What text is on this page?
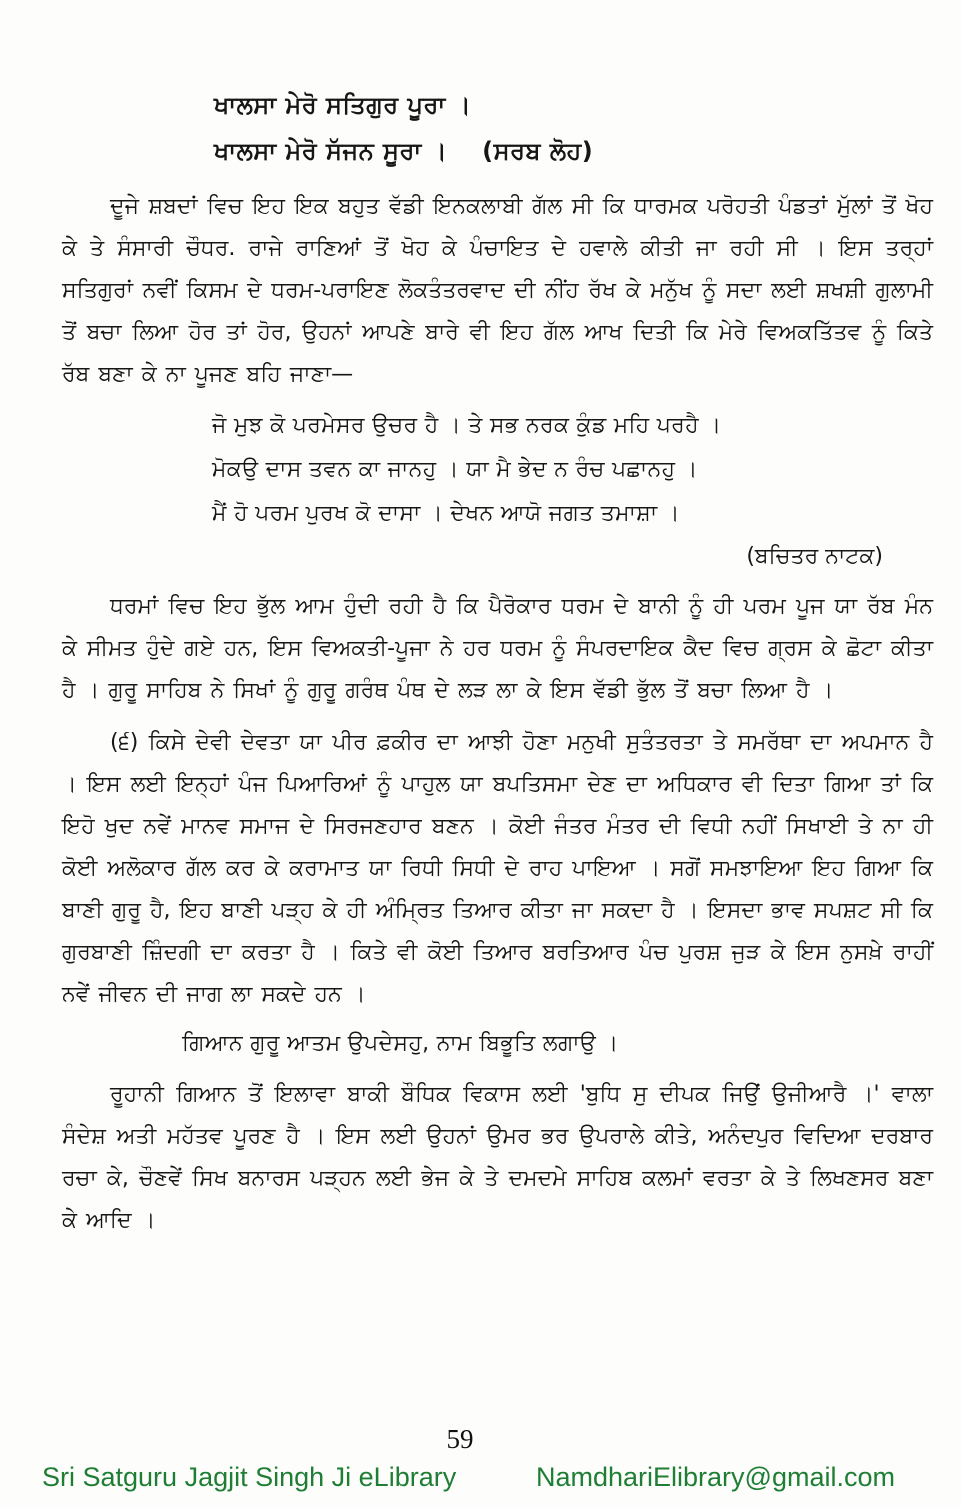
ਖਾਲਸਾ ਮੇਰੋ ਸਤਿਗੁਰ ਪੂਰਾ ।
ਖਾਲਸਾ ਮੇਰੋ ਸੱਜਨ ਸੂਰਾ । (ਸਰਬ ਲੋਹ)

ਦੂਜੇ ਸ਼ਬਦਾਂ ਵਿਚ ਇਹ ਇਕ ਬਹੁਤ ਵੱਡੀ ਇਨਕਲਾਬੀ ਗੱਲ ਸੀ ਕਿ ਧਾਰਮਕ ਪਰੋਹਤੀ ਪੰਡਤਾਂ ਮੁੱਲਾਂ ਤੋਂ ਖੋਹ ਕੇ ਤੇ ਸੰਸਾਰੀ ਚੌਧਰ. ਰਾਜੇ ਰਾਣਿਆਂ ਤੋਂ ਖੋਹ ਕੇ ਪੰਚਾਇਤ ਦੇ ਹਵਾਲੇ ਕੀਤੀ ਜਾ ਰਹੀ ਸੀ । ਇਸ ਤਰ੍ਹਾਂ ਸਤਿਗੁਰਾਂ ਨਵੀਂ ਕਿਸਮ ਦੇ ਧਰਮ-ਪਰਾਇਣ ਲੋਕਤੰਤਰਵਾਦ ਦੀ ਨੀਂਹ ਰੱਖ ਕੇ ਮਨੁੱਖ ਨੂੰ ਸਦਾ ਲਈ ਸ਼ਖਸ਼ੀ ਗੁਲਾਮੀ ਤੋਂ ਬਚਾ ਲਿਆ ਹੋਰ ਤਾਂ ਹੋਰ, ਉਹਨਾਂ ਆਪਣੇ ਬਾਰੇ ਵੀ ਇਹ ਗੱਲ ਆਖ ਦਿਤੀ ਕਿ ਮੇਰੇ ਵਿਅਕਤਿੱਤਵ ਨੂੰ ਕਿਤੇ ਰੱਬ ਬਣਾ ਕੇ ਨਾ ਪੂਜਣ ਬਹਿ ਜਾਣਾ—

ਜੋ ਮੁਝ ਕੋ ਪਰਮੇਸਰ ਉਚਰ ਹੈ । ਤੇ ਸਭ ਨਰਕ ਕੁੰਡ ਮਹਿ ਪਰਹੈ ।
ਮੋਕਉ ਦਾਸ ਤਵਨ ਕਾ ਜਾਨਹੁ । ਯਾ ਮੈ ਭੇਦ ਨ ਰੰਚ ਪਛਾਨਹੁ ।
ਮੈਂ ਹੋ ਪਰਮ ਪੁਰਖ ਕੋ ਦਾਸਾ । ਦੇਖਨ ਆਯੋ ਜਗਤ ਤਮਾਸ਼ਾ ।
(ਬਚਿਤਰ ਨਾਟਕ)

ਧਰਮਾਂ ਵਿਚ ਇਹ ਭੁੱਲ ਆਮ ਹੁੰਦੀ ਰਹੀ ਹੈ ਕਿ ਪੈਰੋਕਾਰ ਧਰਮ ਦੇ ਬਾਨੀ ਨੂੰ ਹੀ ਪਰਮ ਪੂਜ ਯਾ ਰੱਬ ਮੰਨ ਕੇ ਸੀਮਤ ਹੁੰਦੇ ਗਏ ਹਨ, ਇਸ ਵਿਅਕਤੀ-ਪੂਜਾ ਨੇ ਹਰ ਧਰਮ ਨੂੰ ਸੰਪਰਦਾਇਕ ਕੈਦ ਵਿਚ ਗ੍ਰਸ ਕੇ ਛੋਟਾ ਕੀਤਾ ਹੈ । ਗੁਰੂ ਸਾਹਿਬ ਨੇ ਸਿਖਾਂ ਨੂੰ ਗੁਰੂ ਗਰੰਥ ਪੰਥ ਦੇ ਲੜ ਲਾ ਕੇ ਇਸ ਵੱਡੀ ਭੁੱਲ ਤੋਂ ਬਚਾ ਲਿਆ ਹੈ ।

(੬) ਕਿਸੇ ਦੇਵੀ ਦੇਵਤਾ ਯਾ ਪੀਰ ਫ਼ਕੀਰ ਦਾ ਆਝੀ ਹੋਣਾ ਮਨੁਖੀ ਸੁਤੰਤਰਤਾ ਤੇ ਸਮਰੱਥਾ ਦਾ ਅਪਮਾਨ ਹੈ । ਇਸ ਲਈ ਇਨ੍ਹਾਂ ਪੰਜ ਪਿਆਰਿਆਂ ਨੂੰ ਪਾਹੁਲ ਯਾ ਬਪਤਿਸਮਾ ਦੇਣ ਦਾ ਅਧਿਕਾਰ ਵੀ ਦਿਤਾ ਗਿਆ ਤਾਂ ਕਿ ਇਹੋ ਖੁਦ ਨਵੇਂ ਮਾਨਵ ਸਮਾਜ ਦੇ ਸਿਰਜਣਹਾਰ ਬਣਨ । ਕੋਈ ਜੰਤਰ ਮੰਤਰ ਦੀ ਵਿਧੀ ਨਹੀਂ ਸਿਖਾਈ ਤੇ ਨਾ ਹੀ ਕੋਈ ਅਲੋਕਾਰ ਗੱਲ ਕਰ ਕੇ ਕਰਾਮਾਤ ਯਾ ਰਿਧੀ ਸਿਧੀ ਦੇ ਰਾਹ ਪਾਇਆ । ਸਗੋਂ ਸਮਝਾਇਆ ਇਹ ਗਿਆ ਕਿ ਬਾਣੀ ਗੁਰੂ ਹੈ, ਇਹ ਬਾਣੀ ਪੜ੍ਹ ਕੇ ਹੀ ਅੰਮ੍ਰਿਤ ਤਿਆਰ ਕੀਤਾ ਜਾ ਸਕਦਾ ਹੈ । ਇਸਦਾ ਭਾਵ ਸਪਸ਼ਟ ਸੀ ਕਿ ਗੁਰਬਾਣੀ ਜ਼ਿੰਦਗੀ ਦਾ ਕਰਤਾ ਹੈ । ਕਿਤੇ ਵੀ ਕੋਈ ਤਿਆਰ ਬਰਤਿਆਰ ਪੰਚ ਪੁਰਸ਼ ਜੁੜ ਕੇ ਇਸ ਨੁਸਖ਼ੇ ਰਾਹੀਂ ਨਵੇਂ ਜੀਵਨ ਦੀ ਜਾਗ ਲਾ ਸਕਦੇ ਹਨ ।

ਗਿਆਨ ਗੁਰੂ ਆਤਮ ਉਪਦੇਸਹੁ, ਨਾਮ ਬਿਭੂਤਿ ਲਗਾਉ ।

ਰੂਹਾਨੀ ਗਿਆਨ ਤੋਂ ਇਲਾਵਾ ਬਾਕੀ ਬੌਧਿਕ ਵਿਕਾਸ ਲਈ 'ਬੁਧਿ ਸੁ ਦੀਪਕ ਜਿਉਂ ਉਜੀਆਰੈ ।' ਵਾਲਾ ਸੰਦੇਸ਼ ਅਤੀ ਮਹੱਤਵ ਪੂਰਣ ਹੈ । ਇਸ ਲਈ ਉਹਨਾਂ ਉਮਰ ਭਰ ਉਪਰਾਲੇ ਕੀਤੇ, ਅਨੰਦਪੁਰ ਵਿਦਿਆ ਦਰਬਾਰ ਰਚਾ ਕੇ, ਚੌਣਵੇਂ ਸਿਖ ਬਨਾਰਸ ਪੜ੍ਹਨ ਲਈ ਭੇਜ ਕੇ ਤੇ ਦਮਦਮੇ ਸਾਹਿਬ ਕਲਮਾਂ ਵਰਤਾ ਕੇ ਤੇ ਲਿਖਣਸਰ ਬਣਾ ਕੇ ਆਦਿ ।

59
Sri Satguru Jagjit Singh Ji eLibrary	NamdhariElibrary@gmail.com
